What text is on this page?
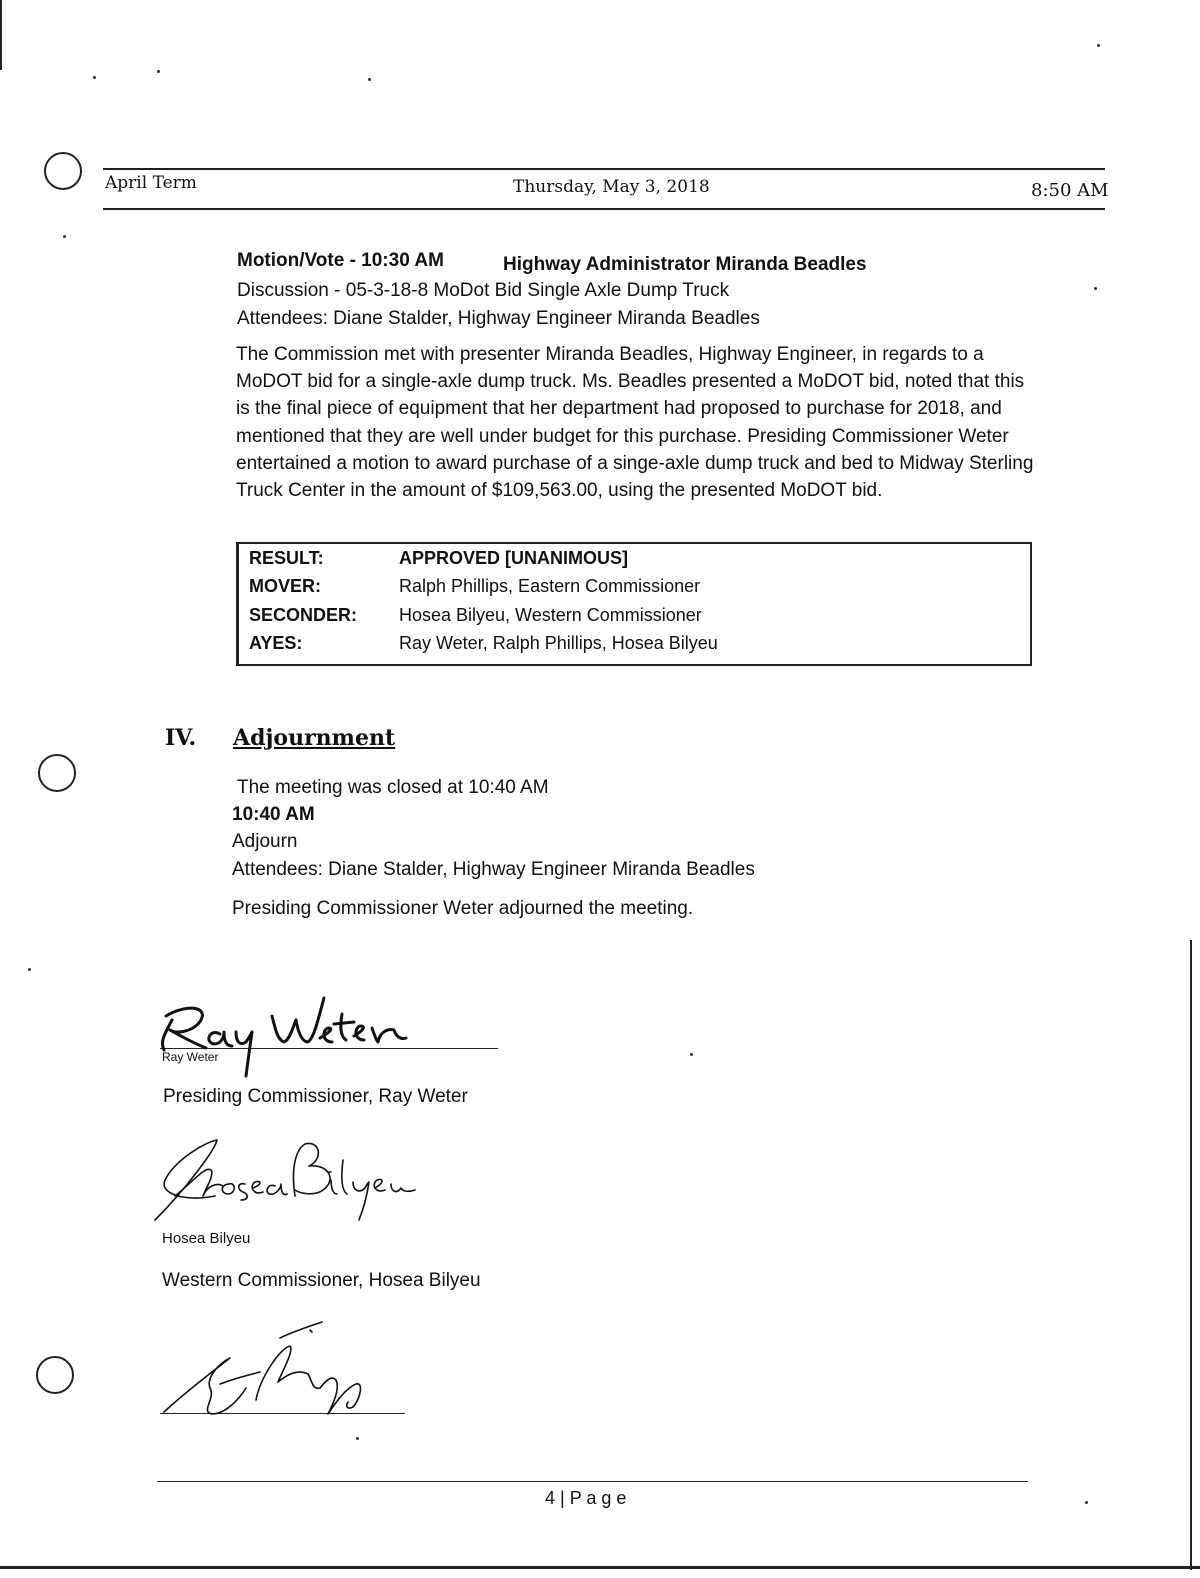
April Term	Thursday, May 3, 2018	8:50 AM
Motion/Vote - 10:30 AM	Highway Administrator Miranda Beadles
Discussion - 05-3-18-8 MoDot Bid Single Axle Dump Truck
Attendees: Diane Stalder, Highway Engineer Miranda Beadles
The Commission met with presenter Miranda Beadles, Highway Engineer, in regards to a MoDOT bid for a single-axle dump truck. Ms. Beadles presented a MoDOT bid, noted that this is the final piece of equipment that her department had proposed to purchase for 2018, and mentioned that they are well under budget for this purchase. Presiding Commissioner Weter entertained a motion to award purchase of a singe-axle dump truck and bed to Midway Sterling Truck Center in the amount of $109,563.00, using the presented MoDOT bid.
RESULT:	APPROVED [UNANIMOUS]
MOVER:	Ralph Phillips, Eastern Commissioner
SECONDER: Hosea Bilyeu, Western Commissioner
AYES:	Ray Weter, Ralph Phillips, Hosea Bilyeu
IV. Adjournment
The meeting was closed at 10:40 AM
10:40 AM
Adjourn
Attendees: Diane Stalder, Highway Engineer Miranda Beadles
Presiding Commissioner Weter adjourned the meeting.
Ray Weter
Presiding Commissioner, Ray Weter
Hosea Bilyeu
Western Commissioner, Hosea Bilyeu
4 | P a g e
